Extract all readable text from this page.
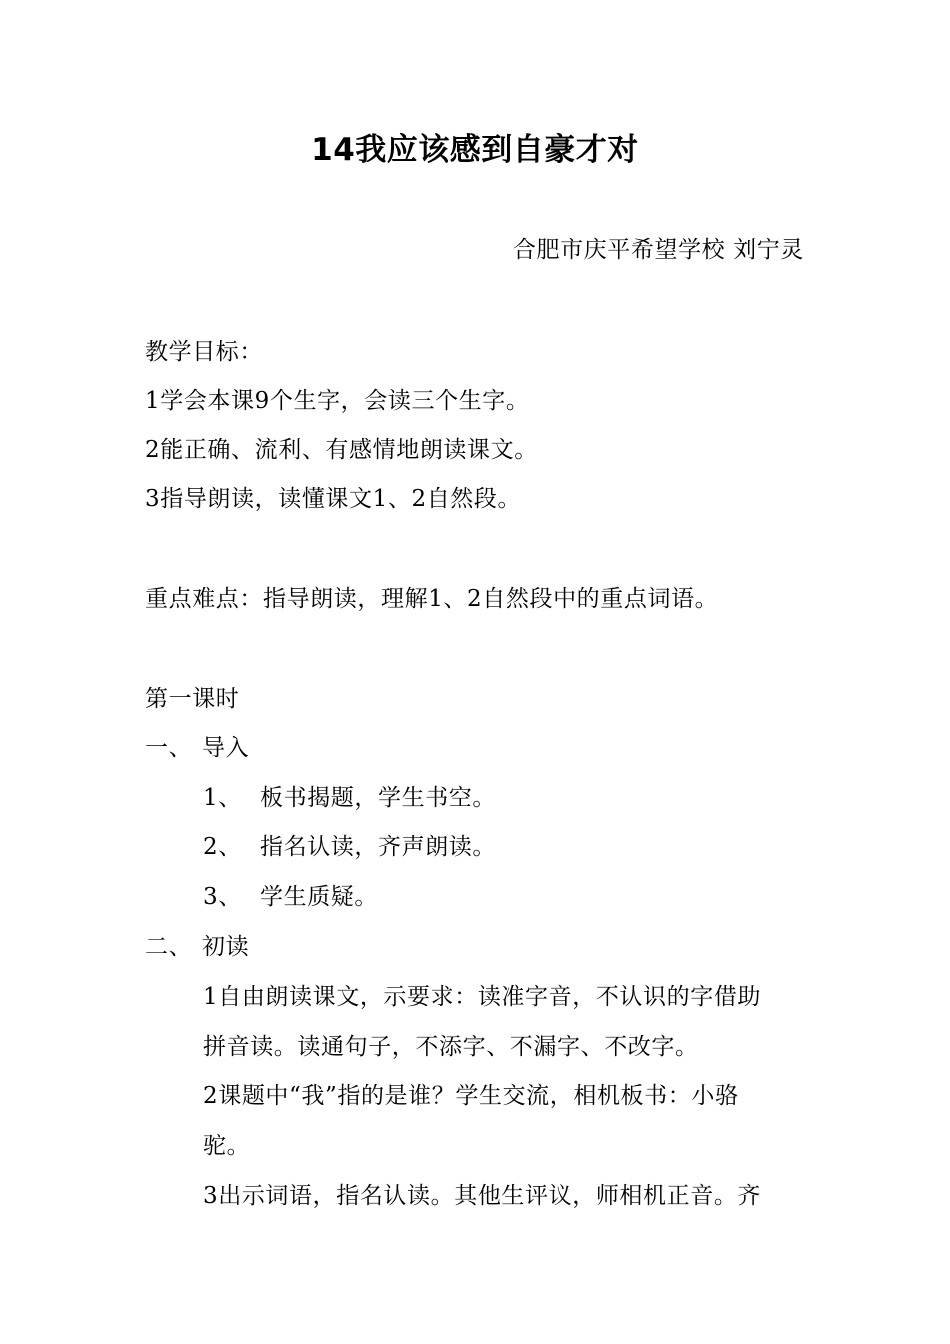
14我应该感到自豪才对
合肥市庆平希望学校 刘宁灵
教学目标：
1学会本课9个生字，会读三个生字。
2能正确、流利、有感情地朗读课文。
3指导朗读，读懂课文1、2自然段。
重点难点：指导朗读，理解1、2自然段中的重点词语。
第一课时
一、 导入
1、 板书揭题，学生书空。
2、 指名认读，齐声朗读。
3、 学生质疑。
二、 初读
1自由朗读课文，示要求：读准字音，不认识的字借助
拼音读。读通句子，不添字、不漏字、不改字。
2课题中“我”指的是谁？学生交流，相机板书：小骆
驼。
3出示词语，指名认读。其他生评议，师相机正音。齐
